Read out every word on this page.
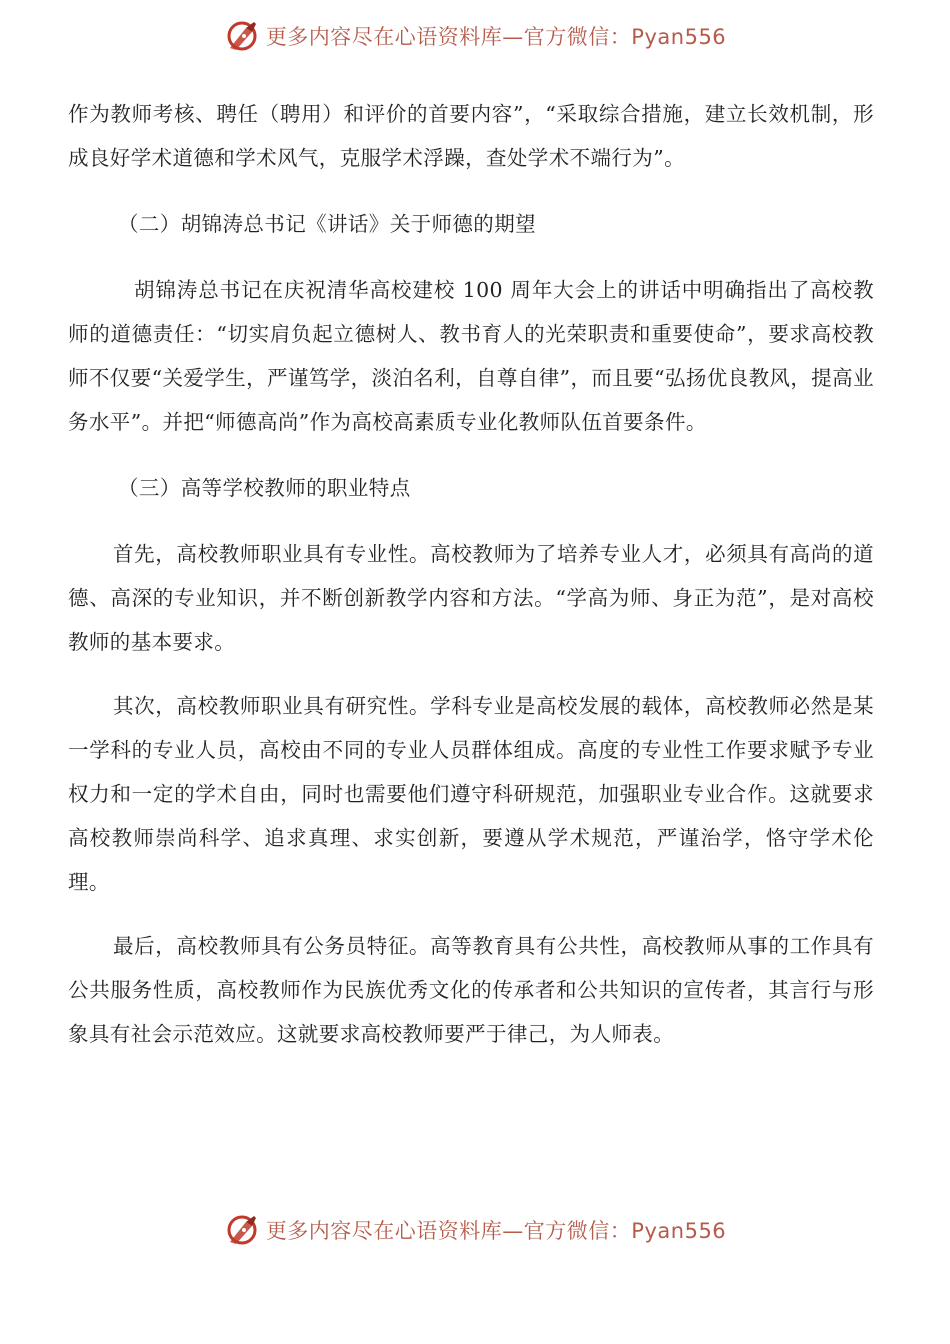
更多内容尽在心语资料库—官方微信：Pyan556

作为教师考核、聘任（聘用）和评价的首要内容”，“采取综合措施，建立长效机制，形成良好学术道德和学术风气，克服学术浮躁，查处学术不端行为”。

（二）胡锦涛总书记《讲话》关于师德的期望

胡锦涛总书记在庆祝清华高校建校 100 周年大会上的讲话中明确指出了高校教师的道德责任：“切实肩负起立德树人、教书育人的光荣职责和重要使命”，要求高校教师不仅要“关爱学生，严谨笃学，淡泊名利，自尊自律”，而且要“弘扬优良教风，提高业务水平”。并把“师德高尚”作为高校高素质专业化教师队伍首要条件。

（三）高等学校教师的职业特点

首先，高校教师职业具有专业性。高校教师为了培养专业人才，必须具有高尚的道德、高深的专业知识，并不断创新教学内容和方法。“学高为师、身正为范”，是对高校教师的基本要求。

其次，高校教师职业具有研究性。学科专业是高校发展的载体，高校教师必然是某一学科的专业人员，高校由不同的专业人员群体组成。高度的专业性工作要求赋予专业权力和一定的学术自由，同时也需要他们遵守科研规范，加强职业专业合作。这就要求高校教师崇尚科学、追求真理、求实创新，要遵从学术规范，严谨治学，恪守学术伦理。

最后，高校教师具有公务员特征。高等教育具有公共性，高校教师从事的工作具有公共服务性质，高校教师作为民族优秀文化的传承者和公共知识的宣传者，其言行与形象具有社会示范效应。这就要求高校教师要严于律己，为人师表。

更多内容尽在心语资料库—官方微信：Pyan556
